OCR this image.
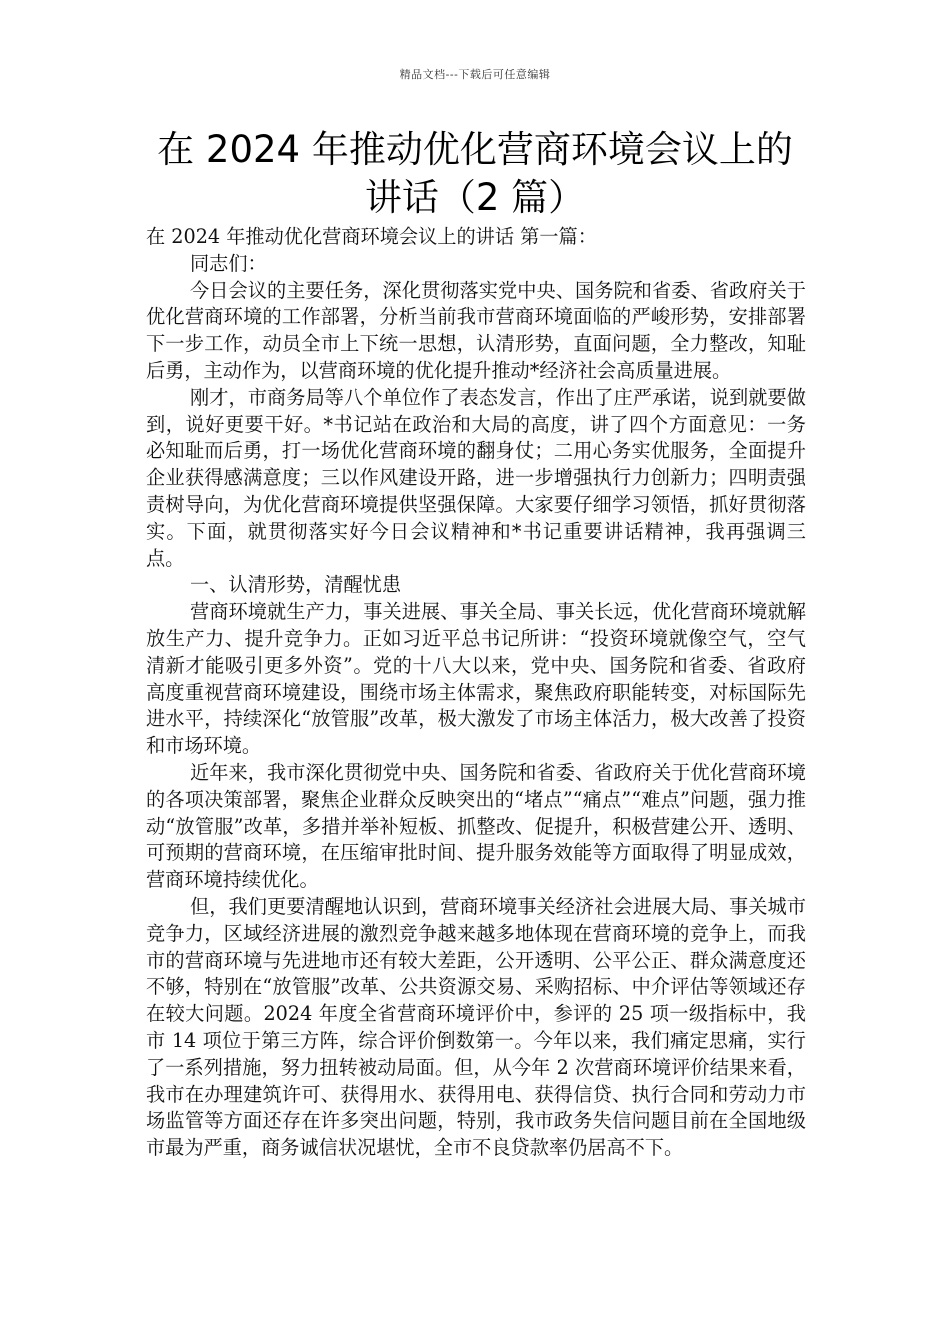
精品文档---下载后可任意编辑
在 2024 年推动优化营商环境会议上的
讲话（2 篇）

在 2024 年推动优化营商环境会议上的讲话 第一篇：

同志们：

今日会议的主要任务，深化贯彻落实党中央、国务院和省委、省政府关于优化营商环境的工作部署，分析当前我市营商环境面临的严峻形势，安排部署下一步工作，动员全市上下统一思想，认清形势，直面问题，全力整改，知耻后勇，主动作为，以营商环境的优化提升推动*经济社会高质量进展。

刚才，市商务局等八个单位作了表态发言，作出了庄严承诺，说到就要做到，说好更要干好。*书记站在政治和大局的高度，讲了四个方面意见：一务必知耻而后勇，打一场优化营商环境的翻身仗；二用心务实优服务，全面提升企业获得感满意度；三以作风建设开路，进一步增强执行力创新力；四明责强责树导向，为优化营商环境提供坚强保障。大家要仔细学习领悟，抓好贯彻落实。下面，就贯彻落实好今日会议精神和*书记重要讲话精神，我再强调三点。

一、认清形势，清醒忧患

营商环境就生产力，事关进展、事关全局、事关长远，优化营商环境就解放生产力、提升竞争力。正如习近平总书记所讲：“投资环境就像空气，空气清新才能吸引更多外资”。党的十八大以来，党中央、国务院和省委、省政府高度重视营商环境建设，围绕市场主体需求，聚焦政府职能转变，对标国际先进水平，持续深化“放管服”改革，极大激发了市场主体活力，极大改善了投资和市场环境。

近年来，我市深化贯彻党中央、国务院和省委、省政府关于优化营商环境的各项决策部署，聚焦企业群众反映突出的“堵点”“痛点”“难点”问题，强力推动“放管服”改革，多措并举补短板、抓整改、促提升，积极营建公开、透明、可预期的营商环境，在压缩审批时间、提升服务效能等方面取得了明显成效，营商环境持续优化。

但，我们更要清醒地认识到，营商环境事关经济社会进展大局、事关城市竞争力，区域经济进展的激烈竞争越来越多地体现在营商环境的竞争上，而我市的营商环境与先进地市还有较大差距，公开透明、公平公正、群众满意度还不够，特别在“放管服”改革、公共资源交易、采购招标、中介评估等领域还存在较大问题。2024 年度全省营商环境评价中，参评的 25 项一级指标中，我市 14 项位于第三方阵，综合评价倒数第一。今年以来，我们痛定思痛，实行了一系列措施，努力扭转被动局面。但，从今年 2 次营商环境评价结果来看，我市在办理建筑许可、获得用水、获得用电、获得信贷、执行合同和劳动力市场监管等方面还存在许多突出问题，特别，我市政务失信问题目前在全国地级市最为严重，商务诚信状况堪忧，全市不良贷款率仍居高不下。
